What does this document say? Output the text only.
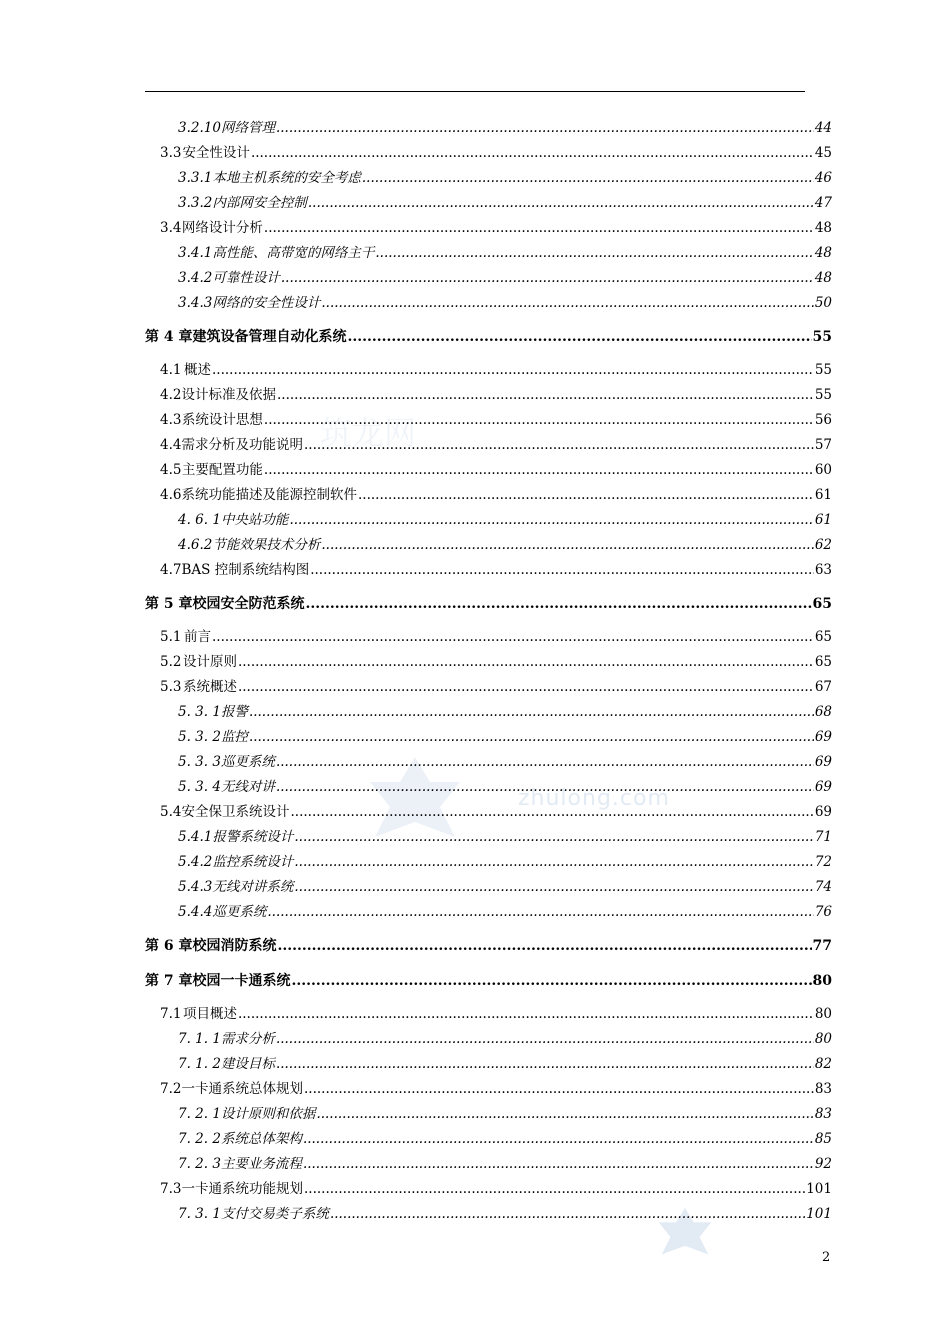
zhulong.com
筑龙网
3.2.10 网络管理 .....	44
3.3 安全性设计 .....	45
3.3.1 本地主机系统的安全考虑 .....	46
3.3.2 内部网安全控制 .....	47
3.4 网络设计分析 .....	48
3.4.1 高性能、高带宽的网络主干 .....	48
3.4.2 可靠性设计 .....	48
3.4.3 网络的安全性设计 .....	50
第 4 章 建筑设备管理自动化系统 .....	55
4.1 概述 .....	55
4.2 设计标准及依据 .....	55
4.3 系统设计思想 .....	56
4.4 需求分析及功能说明 .....	57
4.5 主要配置功能 .....	60
4.6 系统功能描述及能源控制软件 .....	61
4. 6. 1 中央站功能 .....	61
4.6.2 节能效果技术分析 .....	62
4.7 BAS 控制系统结构图 .....	63
第 5 章 校园安全防范系统 .....	65
5.1 前言 .....	65
5.2 设计原则 .....	65
5.3 系统概述 .....	67
5. 3. 1 报警 .....	68
5. 3. 2 监控 .....	69
5. 3. 3 巡更系统 .....	69
5. 3. 4 无线对讲 .....	69
5.4 安全保卫系统设计 .....	69
5.4.1 报警系统设计 .....	71
5.4.2 监控系统设计 .....	72
5.4.3 无线对讲系统 .....	74
5.4.4 巡更系统 .....	76
第 6 章 校园消防系统 .....	77
第 7 章 校园一卡通系统 .....	80
7.1 项目概述 .....	80
7. 1. 1 需求分析 .....	80
7. 1. 2 建设目标 .....	82
7.2 一卡通系统总体规划 .....	83
7. 2. 1 设计原则和依据 .....	83
7. 2. 2 系统总体架构 .....	85
7. 2. 3 主要业务流程 .....	92
7.3 一卡通系统功能规划 .....	101
7. 3. 1 支付交易类子系统 .....	101
2
